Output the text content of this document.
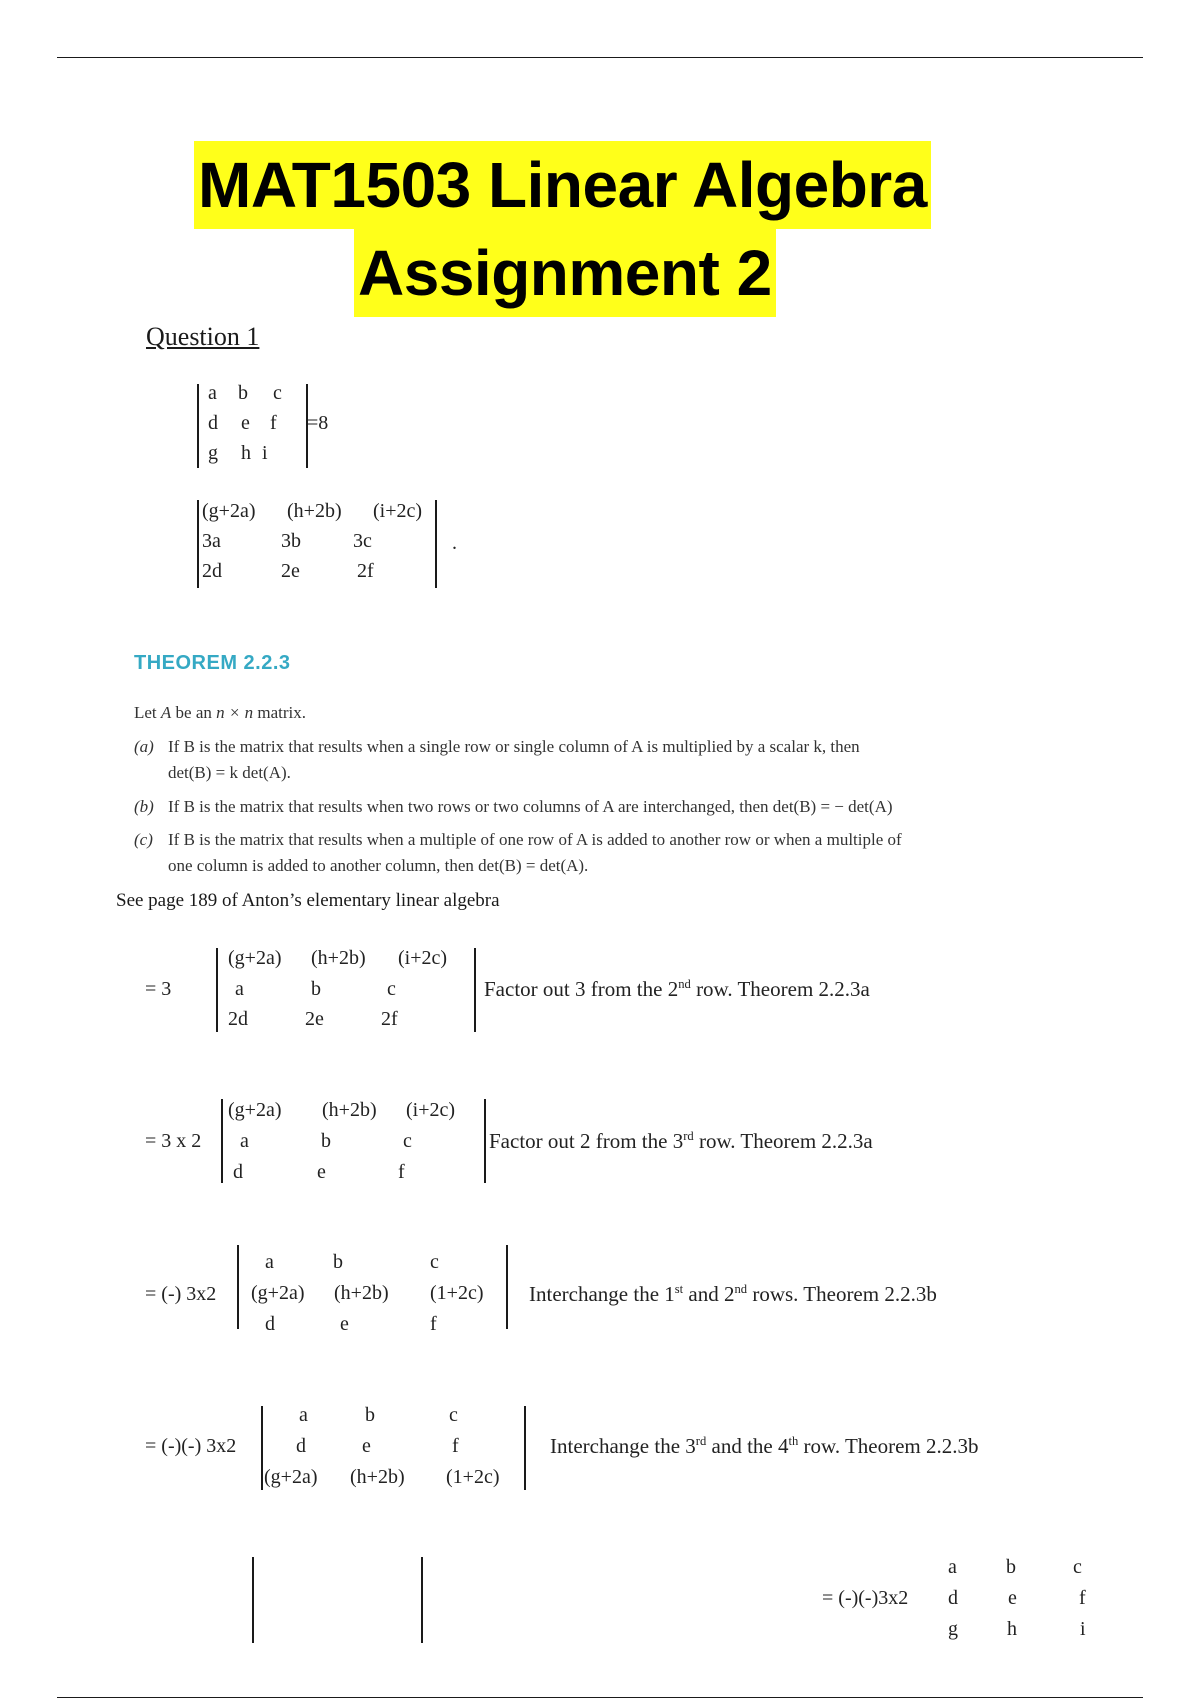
MAT1503 Linear Algebra
Assignment 2
Question 1
a b c
d e f
g h i
=8
(g+2a) (h+2b) (i+2c)
3a	3b	3c
2d	2e	2f
.
THEOREM 2.2.3
Let A be an n × n matrix.
(a) If B is the matrix that results when a single row or single column of A is multiplied by a scalar k, then
det(B) = k det(A).
(b) If B is the matrix that results when two rows or two columns of A are interchanged, then det(B) = − det(A)
(c) If B is the matrix that results when a multiple of one row of A is added to another row or when a multiple of
one column is added to another column, then det(B) = det(A).
See page 189 of Anton’s elementary linear algebra
= 3
(g+2a) (h+2b) (i+2c)
a	b	c
2d	2e	2f
Factor out 3 from the 2nd row. Theorem 2.2.3a
= 3 x 2
(g+2a) (h+2b) (i+2c)
a	b	c
d	e	f
Factor out 2 from the 3rd row. Theorem 2.2.3a
= (-) 3x2
a	b	c
(g+2a) (h+2b) (1+2c)
d	e	f
Interchange the 1st and 2nd rows. Theorem 2.2.3b
= (-)(-) 3x2
a	b	c
d	e	f
(g+2a) (h+2b) (1+2c)
Interchange the 3rd and the 4th row. Theorem 2.2.3b
= (-)(-)3x2
a b	c
d	e	f
g h	i
